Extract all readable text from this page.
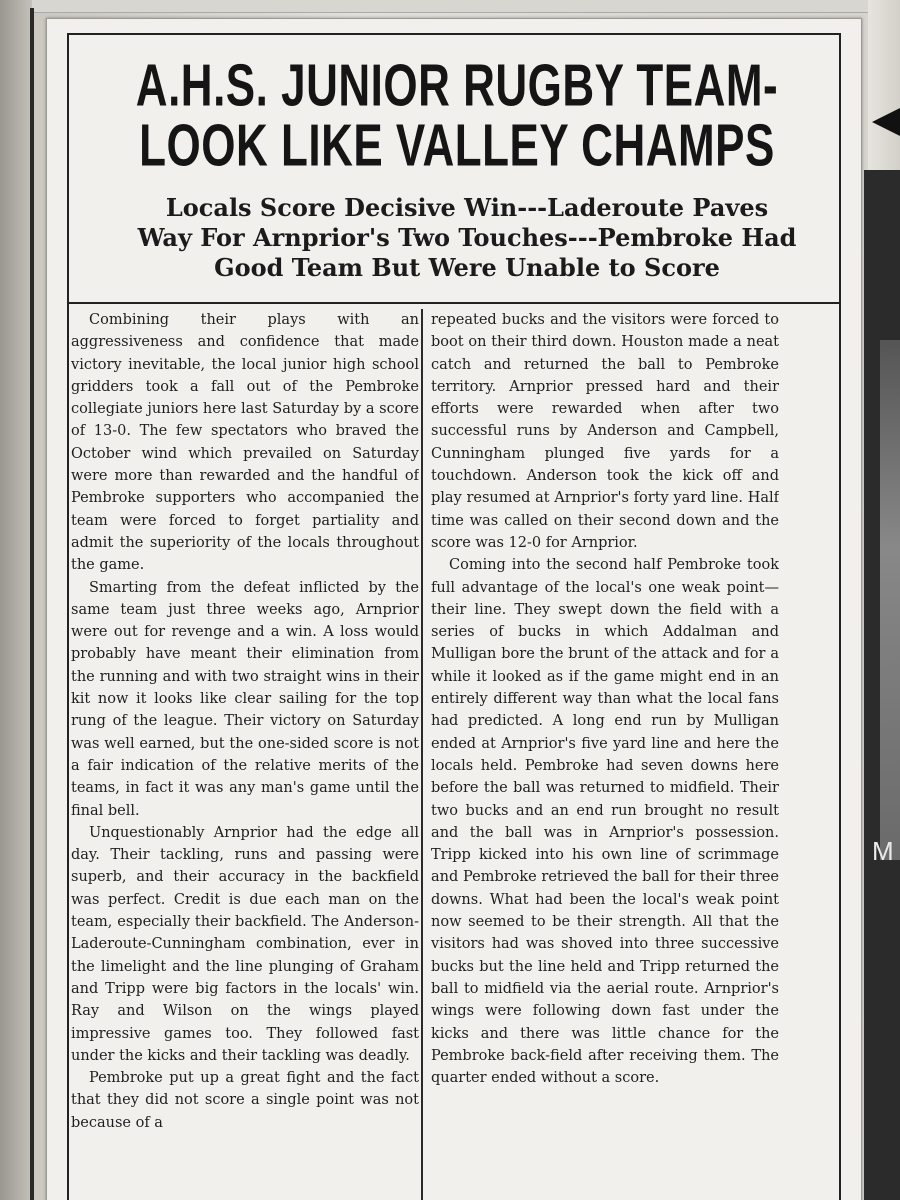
A.H.S. JUNIOR RUGBY TEAM-
LOOK LIKE VALLEY CHAMPS
Locals Score Decisive Win---Laderoute Paves Way For Arnprior's Two Touches---Pembroke Had Good Team But Were Unable to Score

Combining their plays with an aggressiveness and confidence that made victory inevitable, the local junior high school gridders took a fall out of the Pembroke collegiate juniors here last Saturday by a score of 13-0. The few spectators who braved the October wind which prevailed on Saturday were more than rewarded and the handful of Pembroke supporters who accompanied the team were forced to forget partiality and admit the superiority of the locals throughout the game.

Smarting from the defeat inflicted by the same team just three weeks ago, Arnprior were out for revenge and a win. A loss would probably have meant their elimination from the running and with two straight wins in their kit now it looks like clear sailing for the top rung of the league. Their victory on Saturday was well earned, but the one-sided score is not a fair indication of the relative merits of the teams, in fact it was any man's game until the final bell.

Unquestionably Arnprior had the edge all day. Their tackling, runs and passing were superb, and their accuracy in the backfield was perfect. Credit is due each man on the team, especially their backfield. The Anderson-Laderoute-Cunningham combination, ever in the limelight and the line plunging of Graham and Tripp were big factors in the locals' win. Ray and Wilson on the wings played impressive games too. They followed fast under the kicks and their tackling was deadly.

Pembroke put up a great fight and the fact that they did not score a single point was not because of a

repeated bucks and the visitors were forced to boot on their third down. Houston made a neat catch and returned the ball to Pembroke territory. Arnprior pressed hard and their efforts were rewarded when after two successful runs by Anderson and Campbell, Cunningham plunged five yards for a touchdown. Anderson took the kick off and play resumed at Arnprior's forty yard line. Half time was called on their second down and the score was 12-0 for Arnprior.

Coming into the second half Pembroke took full advantage of the local's one weak point—their line. They swept down the field with a series of bucks in which Addalman and Mulligan bore the brunt of the attack and for a while it looked as if the game might end in an entirely different way than what the local fans had predicted. A long end run by Mulligan ended at Arnprior's five yard line and here the locals held. Pembroke had seven downs here before the ball was returned to midfield. Their two bucks and an end run brought no result and the ball was in Arnprior's possession. Tripp kicked into his own line of scrimmage and Pembroke retrieved the ball for their three downs. What had been the local's weak point now seemed to be their strength. All that the visitors had was shoved into three successive bucks but the line held and Tripp returned the ball to midfield via the aerial route. Arnprior's wings were following down fast under the kicks and there was little chance for the Pembroke back-field after receiving them. The quarter ended without a score.

M
